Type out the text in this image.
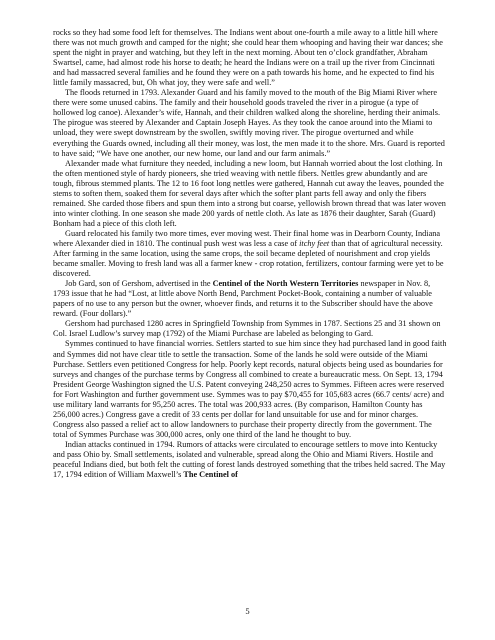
rocks so they had some food left for themselves. The Indians went about one-fourth a mile away to a little hill where there was not much growth and camped for the night; she could hear them whooping and having their war dances; she spent the night in prayer and watching, but they left in the next morning. About ten o’clock grandfather, Abraham Swartsel, came, had almost rode his horse to death; he heard the Indians were on a trail up the river from Cincinnati and had massacred several families and he found they were on a path towards his home, and he expected to find his little family massacred, but, Oh what joy, they were safe and well.”

The floods returned in 1793. Alexander Guard and his family moved to the mouth of the Big Miami River where there were some unused cabins. The family and their household goods traveled the river in a pirogue (a type of hollowed log canoe). Alexander’s wife, Hannah, and their children walked along the shoreline, herding their animals. The pirogue was steered by Alexander and Captain Joseph Hayes. As they took the canoe around into the Miami to unload, they were swept downstream by the swollen, swiftly moving river. The pirogue overturned and while everything the Guards owned, including all their money, was lost, the men made it to the shore. Mrs. Guard is reported to have said; “We have one another, our new home, our land and our farm animals.”

Alexander made what furniture they needed, including a new loom, but Hannah worried about the lost clothing. In the often mentioned style of hardy pioneers, she tried weaving with nettle fibers. Nettles grew abundantly and are tough, fibrous stemmed plants. The 12 to 16 foot long nettles were gathered, Hannah cut away the leaves, pounded the stems to soften them, soaked them for several days after which the softer plant parts fell away and only the fibers remained. She carded those fibers and spun them into a strong but coarse, yellowish brown thread that was later woven into winter clothing. In one season she made 200 yards of nettle cloth. As late as 1876 their daughter, Sarah (Guard) Bonham had a piece of this cloth left.

Guard relocated his family two more times, ever moving west. Their final home was in Dearborn County, Indiana where Alexander died in 1810. The continual push west was less a case of itchy feet than that of agricultural necessity. After farming in the same location, using the same crops, the soil became depleted of nourishment and crop yields became smaller. Moving to fresh land was all a farmer knew - crop rotation, fertilizers, contour farming were yet to be discovered.

Job Gard, son of Gershom, advertised in the Centinel of the North Western Territories newspaper in Nov. 8, 1793 issue that he had “Lost, at little above North Bend, Parchment Pocket-Book, containing a number of valuable papers of no use to any person but the owner, whoever finds, and returns it to the Subscriber should have the above reward. (Four dollars).”

Gershom had purchased 1280 acres in Springfield Township from Symmes in 1787. Sections 25 and 31 shown on Col. Israel Ludlow’s survey map (1792) of the Miami Purchase are labeled as belonging to Gard.

Symmes continued to have financial worries. Settlers started to sue him since they had purchased land in good faith and Symmes did not have clear title to settle the transaction. Some of the lands he sold were outside of the Miami Purchase. Settlers even petitioned Congress for help. Poorly kept records, natural objects being used as boundaries for surveys and changes of the purchase terms by Congress all combined to create a bureaucratic mess. On Sept. 13, 1794 President George Washington signed the U.S. Patent conveying 248,250 acres to Symmes. Fifteen acres were reserved for Fort Washington and further government use. Symmes was to pay $70,455 for 105,683 acres (66.7 cents/ acre) and use military land warrants for 95,250 acres. The total was 200,933 acres. (By comparison, Hamilton County has 256,000 acres.) Congress gave a credit of 33 cents per dollar for land unsuitable for use and for minor charges. Congress also passed a relief act to allow landowners to purchase their property directly from the government. The total of Symmes Purchase was 300,000 acres, only one third of the land he thought to buy.

Indian attacks continued in 1794. Rumors of attacks were circulated to encourage settlers to move into Kentucky and pass Ohio by. Small settlements, isolated and vulnerable, spread along the Ohio and Miami Rivers. Hostile and peaceful Indians died, but both felt the cutting of forest lands destroyed something that the tribes held sacred. The May 17, 1794 edition of William Maxwell’s The Centinel of

5
